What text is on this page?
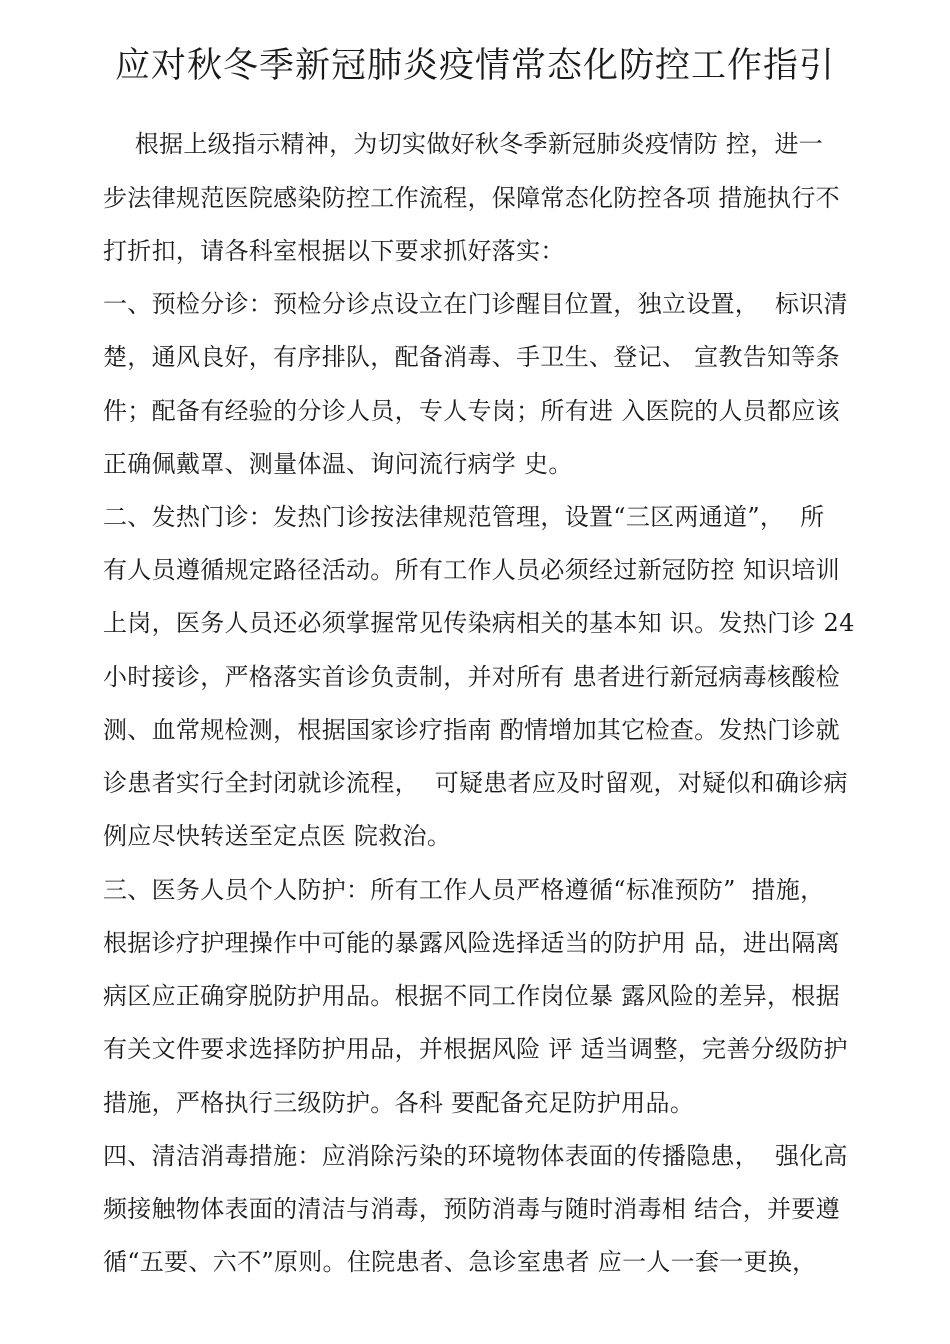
应对秋冬季新冠肺炎疫情常态化防控工作指引
根据上级指示精神，为切实做好秋冬季新冠肺炎疫情防 控，进一
步法律规范医院感染防控工作流程，保障常态化防控各项 措施执行不
打折扣，请各科室根据以下要求抓好落实：
一、预检分诊：预检分诊点设立在门诊醒目位置，独立设置，  标识清
楚，通风良好，有序排队，配备消毒、手卫生、登记、 宣教告知等条
件；配备有经验的分诊人员，专人专岗；所有进 入医院的人员都应该
正确佩戴罩、测量体温、询问流行病学 史。
二、发热门诊：发热门诊按法律规范管理，设置“三区两通道”，  所
有人员遵循规定路径活动。所有工作人员必须经过新冠防控 知识培训
上岗，医务人员还必须掌握常见传染病相关的基本知 识。发热门诊 24
小时接诊，严格落实首诊负责制，并对所有 患者进行新冠病毒核酸检
测、血常规检测，根据国家诊疗指南 酌情增加其它检查。发热门诊就
诊患者实行全封闭就诊流程，  可疑患者应及时留观，对疑似和确诊病
例应尽快转送至定点医 院救治。
三、医务人员个人防护：所有工作人员严格遵循“标准预防”  措施，
根据诊疗护理操作中可能的暴露风险选择适当的防护用 品，进出隔离
病区应正确穿脱防护用品。根据不同工作岗位暴 露风险的差异，根据
有关文件要求选择防护用品，并根据风险 评 适当调整，完善分级防护
措施，严格执行三级防护。各科 要配备充足防护用品。
四、清洁消毒措施：应消除污染的环境物体表面的传播隐患，  强化高
频接触物体表面的清洁与消毒，预防消毒与随时消毒相 结合，并要遵
循“五要、六不”原则。住院患者、急诊室患者 应一人一套一更换，
